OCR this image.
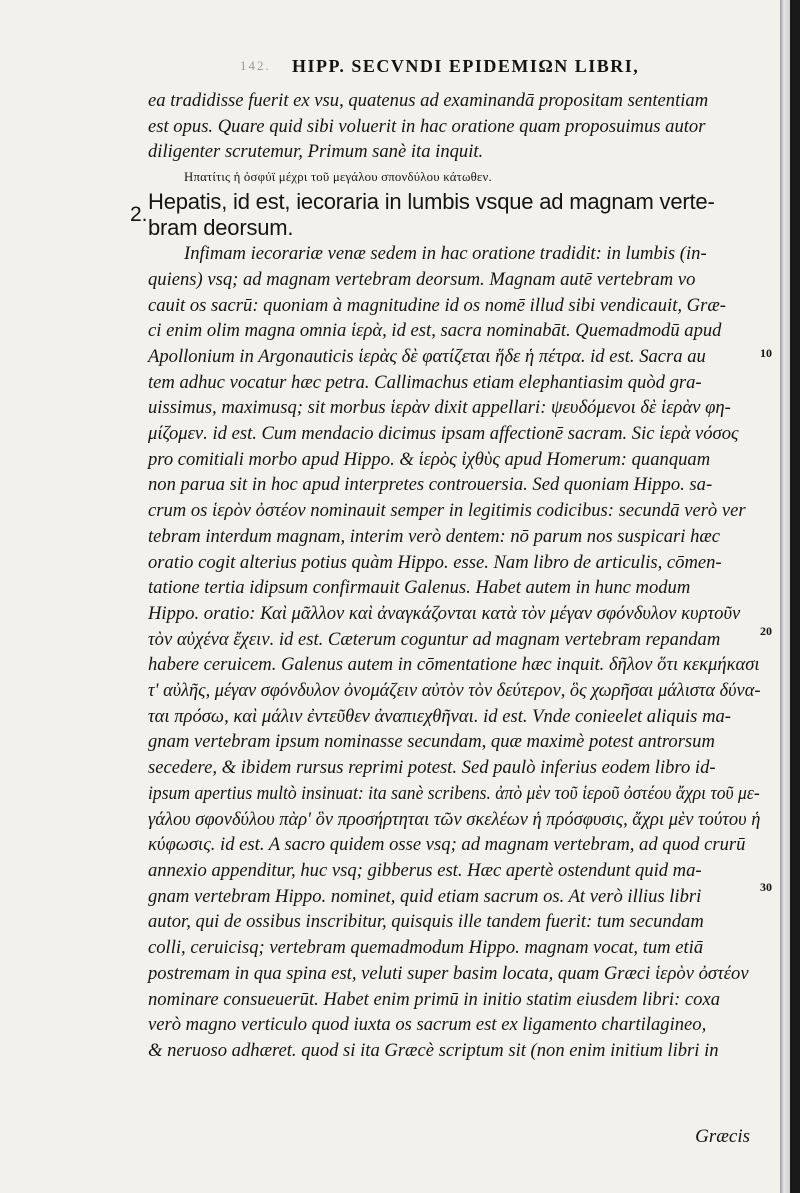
142. HIPP. SECVNDI EPIDEMIΩN LIBRI,
2.
10
20
30
ea tradidisse fuerit ex vsu, quatenus ad examinandā propositam sententiam
est opus. Quare quid sibi voluerit in hac oratione quam proposuimus autor
diligenter scrutemur, Primum sanè ita inquit.
Ηπατίτις ἡ ὀσφύϊ μέχρι τοῦ μεγάλου σπονδύλου κάτωθεν.
Hepatis, id est, iecoraria in lumbis vsque ad magnam verte-
bram deorsum.
Infimam iecorariæ venæ sedem in hac oratione tradidit: in lumbis (in-
quiens) vsq; ad magnam vertebram deorsum. Magnam autē vertebram vo
cauit os sacrū: quoniam à magnitudine id os nomē illud sibi vendicauit, Græ-
ci enim olim magna omnia ἱερὰ, id est, sacra nominabāt. Quemadmodū apud
Apollonium in Argonauticis ἱερὰς δὲ φατίζεται ἥδε ἡ πέτρα. id est. Sacra au
tem adhuc vocatur hæc petra. Callimachus etiam elephantiasim quòd gra-
uissimus, maximusq; sit morbus ἱερὰν dixit appellari: ψευδόμενοι δὲ ἱερὰν φη-
μίζομεν. id est. Cum mendacio dicimus ipsam affectionē sacram. Sic ἱερὰ νόσος
pro comitiali morbo apud Hippo. & ἱερὸς ἰχθὺς apud Homerum: quanquam
non parua sit in hoc apud interpretes controuersia. Sed quoniam Hippo. sa-
crum os ἱερὸν ὀστέον nominauit semper in legitimis codicibus: secundā verò ver
tebram interdum magnam, interim verò dentem: nō parum nos suspicari hæc
oratio cogit alterius potius quàm Hippo. esse. Nam libro de articulis, cōmen-
tatione tertia idipsum confirmauit Galenus. Habet autem in hunc modum
Hippo. oratio: Καὶ μᾶλλον καὶ ἀναγκάζονται κατὰ τὸν μέγαν σφόνδυλον κυρτοῦν
τὸν αὐχένα ἔχειν. id est. Cæterum coguntur ad magnam vertebram repandam
habere ceruicem. Galenus autem in cōmentatione hæc inquit. δῆλον ὅτι κεκμήκασι
τ' αὐλῆς, μέγαν σφόνδυλον ὀνομάζειν αὐτὸν τὸν δεύτερον, ὃς χωρῆσαι μάλιστα δύνα-
ται πρόσω, καὶ μάλιν ἐντεῦθεν ἀναπιεχθῆναι. id est. Vnde conieelet aliquis ma-
gnam vertebram ipsum nominasse secundam, quæ maximè potest antrorsum
secedere, & ibidem rursus reprimi potest. Sed paulò inferius eodem libro id-
ipsum apertius multò insinuat: ita sanè scribens. ἀπὸ μὲν τοῦ ἱεροῦ ὀστέου ἄχρι τοῦ με-
γάλου σφονδύλου πὰρ' ὃν προσήρτηται τῶν σκελέων ἡ πρόσφυσις, ἄχρι μὲν τούτου ἡ
κύφωσις. id est. A sacro quidem osse vsq; ad magnam vertebram, ad quod crurū
annexio appenditur, huc vsq; gibberus est. Hæc apertè ostendunt quid ma-
gnam vertebram Hippo. nominet, quid etiam sacrum os. At verò illius libri
autor, qui de ossibus inscribitur, quisquis ille tandem fuerit: tum secundam
colli, ceruicisq; vertebram quemadmodum Hippo. magnam vocat, tum etiā
postremam in qua spina est, veluti super basim locata, quam Græci ἱερὸν ὀστέον
nominare consueuerūt. Habet enim primū in initio statim eiusdem libri: coxa
verò magno verticulo quod iuxta os sacrum est ex ligamento chartilagineo,
& neruoso adhæret. quod si ita Græcè scriptum sit (non enim initium libri in
Græcis
